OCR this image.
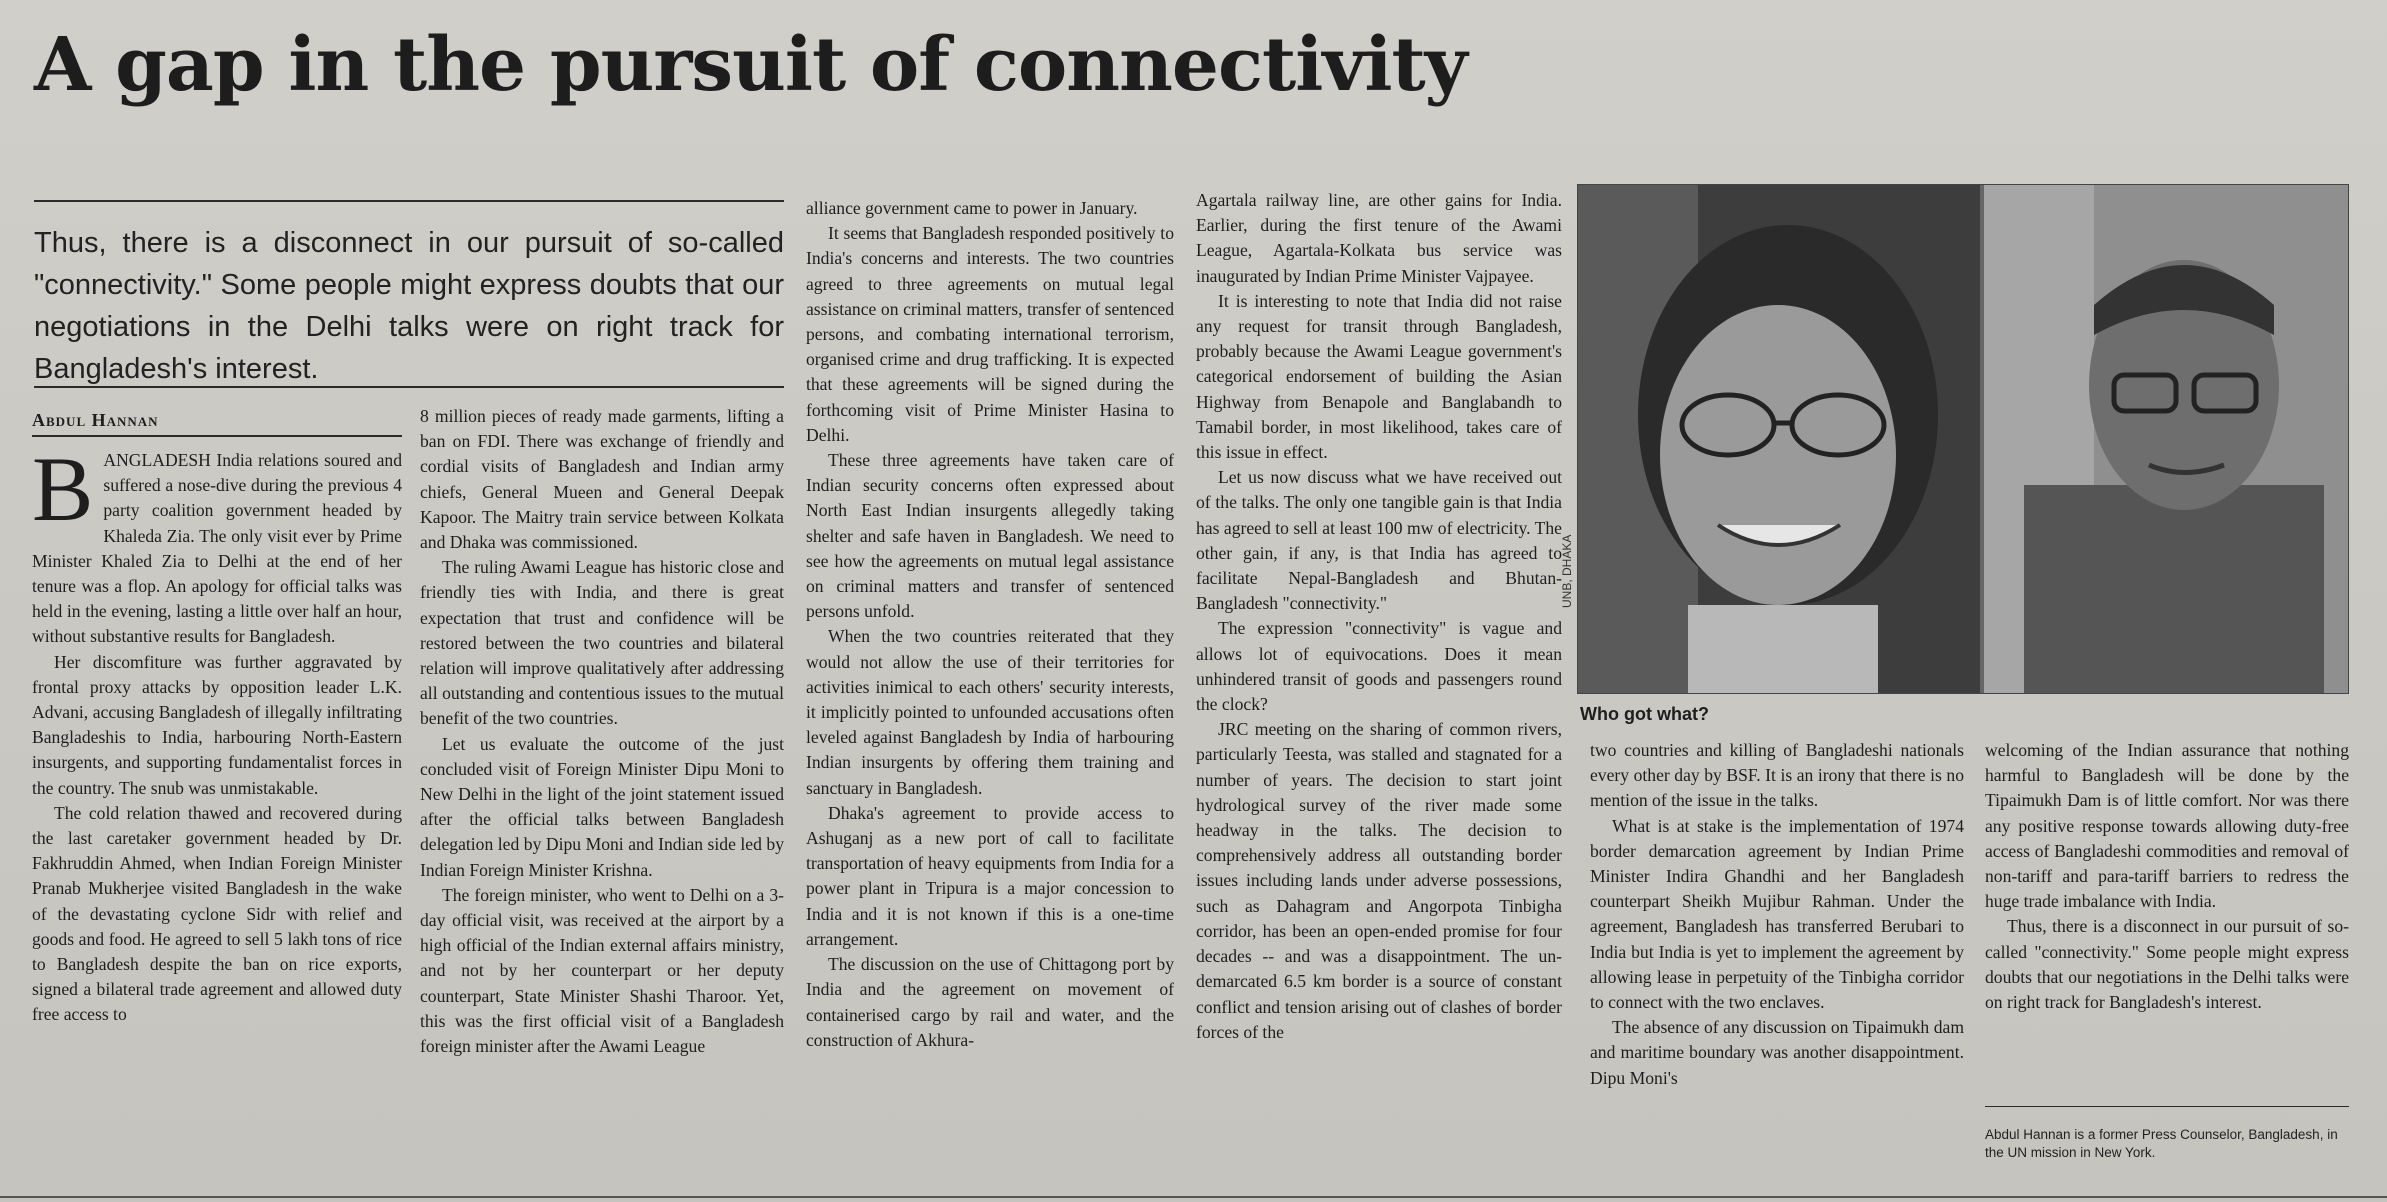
A gap in the pursuit of connectivity
Thus, there is a disconnect in our pursuit of so-called "connectivity." Some people might express doubts that our negotiations in the Delhi talks were on right track for Bangladesh's interest.
Abdul Hannan

BANGLADESH India relations soured and suffered a nose-dive during the previous 4 party coalition government headed by Khaleda Zia. The only visit ever by Prime Minister Khaled Zia to Delhi at the end of her tenure was a flop. An apology for official talks was held in the evening, lasting a little over half an hour, without substantive results for Bangladesh.

Her discomfiture was further aggravated by frontal proxy attacks by opposition leader L.K. Advani, accusing Bangladesh of illegally infiltrating Bangladeshis to India, harbouring North-Eastern insurgents, and supporting fundamentalist forces in the country. The snub was unmistakable.

The cold relation thawed and recovered during the last caretaker government headed by Dr. Fakhruddin Ahmed, when Indian Foreign Minister Pranab Mukherjee visited Bangladesh in the wake of the devastating cyclone Sidr with relief and goods and food. He agreed to sell 5 lakh tons of rice to Bangladesh despite the ban on rice exports, signed a bilateral trade agreement and allowed duty free access to

8 million pieces of ready made garments, lifting a ban on FDI. There was exchange of friendly and cordial visits of Bangladesh and Indian army chiefs, General Mueen and General Deepak Kapoor. The Maitry train service between Kolkata and Dhaka was commissioned.

The ruling Awami League has historic close and friendly ties with India, and there is great expectation that trust and confidence will be restored between the two countries and bilateral relation will improve qualitatively after addressing all outstanding and contentious issues to the mutual benefit of the two countries.

Let us evaluate the outcome of the just concluded visit of Foreign Minister Dipu Moni to New Delhi in the light of the joint statement issued after the official talks between Bangladesh delegation led by Dipu Moni and Indian side led by Indian Foreign Minister Krishna.

The foreign minister, who went to Delhi on a 3-day official visit, was received at the airport by a high official of the Indian external affairs ministry, and not by her counterpart or her deputy counterpart, State Minister Shashi Tharoor. Yet, this was the first official visit of a Bangladesh foreign minister after the Awami League

alliance government came to power in January.

It seems that Bangladesh responded positively to India's concerns and interests. The two countries agreed to three agreements on mutual legal assistance on criminal matters, transfer of sentenced persons, and combating international terrorism, organised crime and drug trafficking. It is expected that these agreements will be signed during the forthcoming visit of Prime Minister Hasina to Delhi.

These three agreements have taken care of Indian security concerns often expressed about North East Indian insurgents allegedly taking shelter and safe haven in Bangladesh. We need to see how the agreements on mutual legal assistance on criminal matters and transfer of sentenced persons unfold.

When the two countries reiterated that they would not allow the use of their territories for activities inimical to each others' security interests, it implicitly pointed to unfounded accusations often leveled against Bangladesh by India of harbouring Indian insurgents by offering them training and sanctuary in Bangladesh.

Dhaka's agreement to provide access to Ashuganj as a new port of call to facilitate transportation of heavy equipments from India for a power plant in Tripura is a major concession to India and it is not known if this is a one-time arrangement.

The discussion on the use of Chittagong port by India and the agreement on movement of containerised cargo by rail and water, and the construction of Akhura-

Agartala railway line, are other gains for India. Earlier, during the first tenure of the Awami League, Agartala-Kolkata bus service was inaugurated by Indian Prime Minister Vajpayee.

It is interesting to note that India did not raise any request for transit through Bangladesh, probably because the Awami League government's categorical endorsement of building the Asian Highway from Benapole and Banglabandh to Tamabil border, in most likelihood, takes care of this issue in effect.

Let us now discuss what we have received out of the talks. The only one tangible gain is that India has agreed to sell at least 100 mw of electricity. The other gain, if any, is that India has agreed to facilitate Nepal-Bangladesh and Bhutan-Bangladesh "connectivity."

The expression "connectivity" is vague and allows lot of equivocations. Does it mean unhindered transit of goods and passengers round the clock?

JRC meeting on the sharing of common rivers, particularly Teesta, was stalled and stagnated for a number of years. The decision to start joint hydrological survey of the river made some headway in the talks. The decision to comprehensively address all outstanding border issues including lands under adverse possessions, such as Dahagram and Angorpota Tinbigha corridor, has been an open-ended promise for four decades -- and was a disappointment. The un-demarcated 6.5 km border is a source of constant conflict and tension arising out of clashes of border forces of the

UNB, DHAKA
Who got what?

two countries and killing of Bangladeshi nationals every other day by BSF. It is an irony that there is no mention of the issue in the talks.

What is at stake is the implementation of 1974 border demarcation agreement by Indian Prime Minister Indira Ghandhi and her Bangladesh counterpart Sheikh Mujibur Rahman. Under the agreement, Bangladesh has transferred Berubari to India but India is yet to implement the agreement by allowing lease in perpetuity of the Tinbigha corridor to connect with the two enclaves.

The absence of any discussion on Tipaimukh dam and maritime boundary was another disappointment. Dipu Moni's

welcoming of the Indian assurance that nothing harmful to Bangladesh will be done by the Tipaimukh Dam is of little comfort. Nor was there any positive response towards allowing duty-free access of Bangladeshi commodities and removal of non-tariff and para-tariff barriers to redress the huge trade imbalance with India.

Thus, there is a disconnect in our pursuit of so-called "connectivity." Some people might express doubts that our negotiations in the Delhi talks were on right track for Bangladesh's interest.

Abdul Hannan is a former Press Counselor, Bangladesh, in the UN mission in New York.
